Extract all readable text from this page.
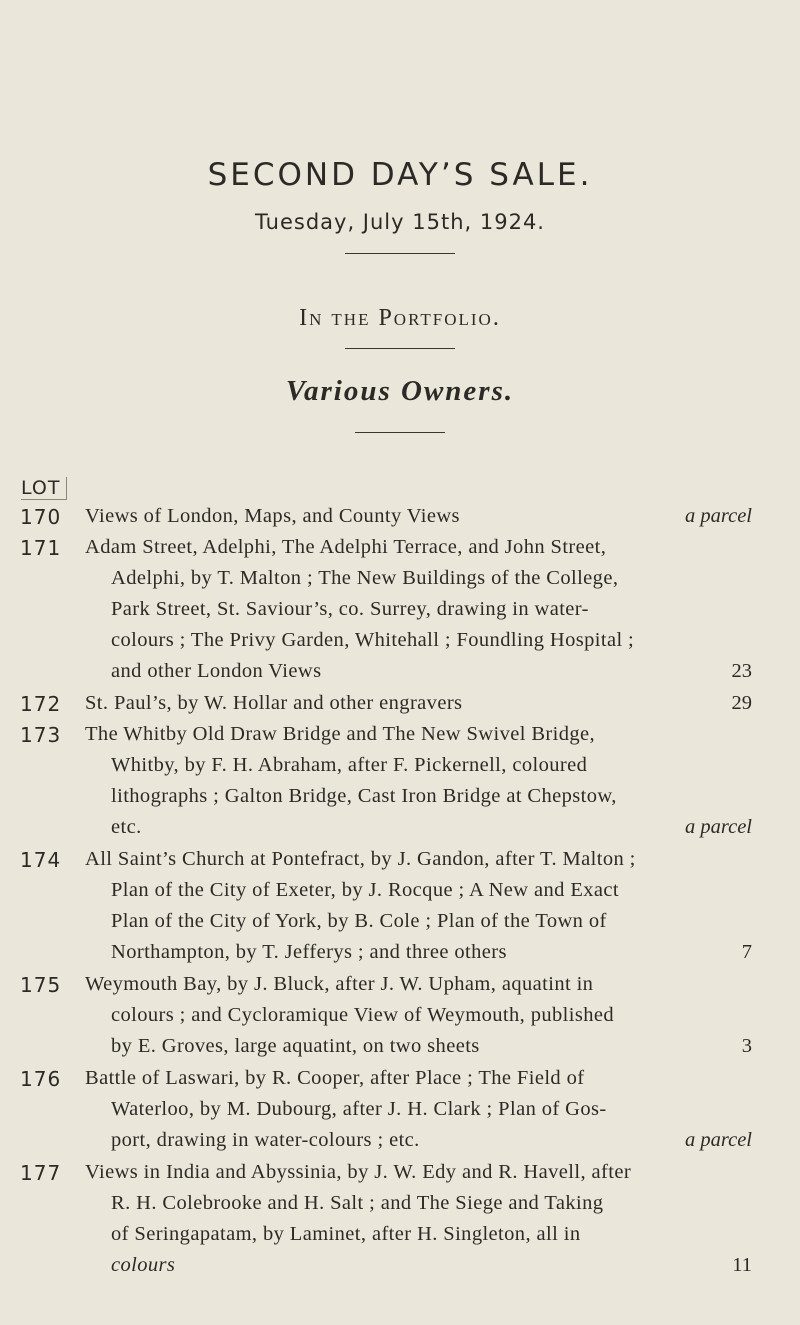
SECOND DAY’S SALE.
Tuesday, July 15th, 1924.
In the Portfolio.
Various Owners.
LOT
170	Views of London, Maps, and County Views	a parcel
171	Adam Street, Adelphi, The Adelphi Terrace, and John Street,
Adelphi, by T. Malton ; The New Buildings of the College,
Park Street, St. Saviour’s, co. Surrey, drawing in water-
colours ; The Privy Garden, Whitehall ; Foundling Hospital ;
and other London Views	23
172	St. Paul’s, by W. Hollar and other engravers	29
173	The Whitby Old Draw Bridge and The New Swivel Bridge,
Whitby, by F. H. Abraham, after F. Pickernell, coloured
lithographs ; Galton Bridge, Cast Iron Bridge at Chepstow,
etc.	a parcel
174	All Saint’s Church at Pontefract, by J. Gandon, after T. Malton ;
Plan of the City of Exeter, by J. Rocque ; A New and Exact
Plan of the City of York, by B. Cole ; Plan of the Town of
Northampton, by T. Jefferys ; and three others	7
175	Weymouth Bay, by J. Bluck, after J. W. Upham, aquatint in
colours ; and Cycloramique View of Weymouth, published
by E. Groves, large aquatint, on two sheets	3
176	Battle of Laswari, by R. Cooper, after Place ; The Field of
Waterloo, by M. Dubourg, after J. H. Clark ; Plan of Gos-
port, drawing in water-colours ; etc.	a parcel
177	Views in India and Abyssinia, by J. W. Edy and R. Havell, after
R. H. Colebrooke and H. Salt ; and The Siege and Taking
of Seringapatam, by Laminet, after H. Singleton, all in
colours	11
